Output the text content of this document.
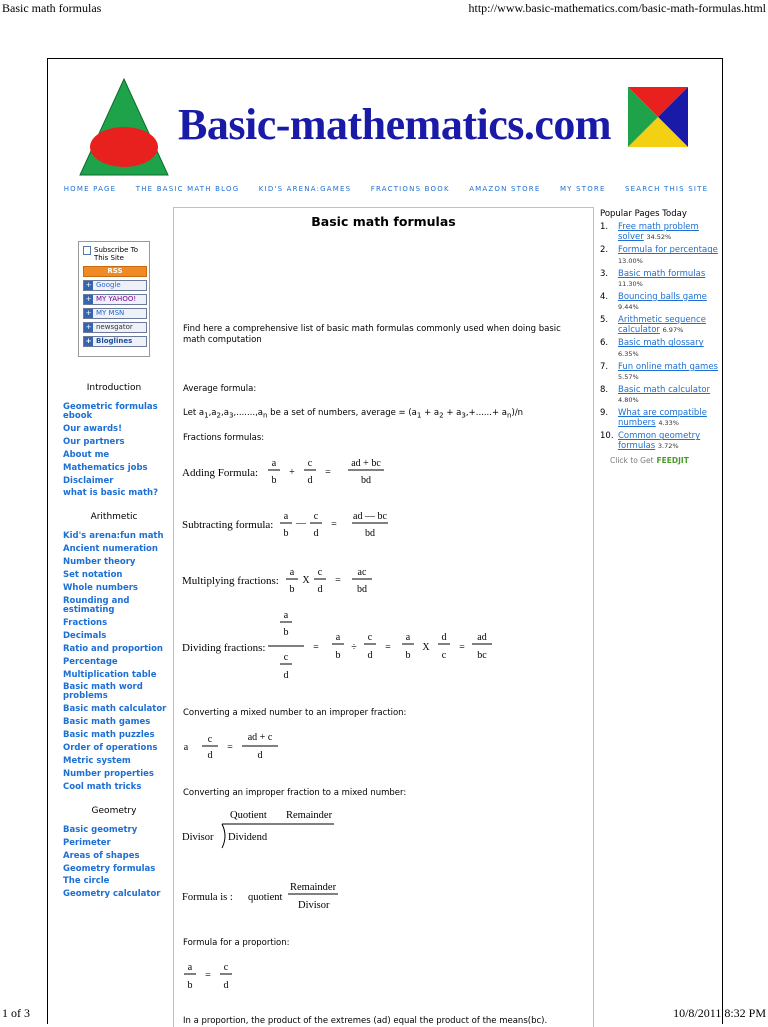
Basic math formulas	http://www.basic-mathematics.com/basic-math-formulas.html
Basic-mathematics.com
HOME PAGE	THE BASIC MATH BLOG	KID'S ARENA:GAMES	FRACTIONS BOOK	AMAZON STORE	MY STORE	SEARCH THIS SITE
Subscribe To This Site
RSS
+ Google
+ MY YAHOO!
+ MY MSN
+ newsgator
+ Bloglines
Introduction
Geometric formulas ebook
Our awards!
Our partners
About me
Mathematics jobs
Disclaimer
what is basic math?
Arithmetic
Kid's arena:fun math
Ancient numeration
Number theory
Set notation
Whole numbers
Rounding and estimating
Fractions
Decimals
Ratio and proportion
Percentage
Multiplication table
Basic math word problems
Basic math calculator
Basic math games
Basic math puzzles
Order of operations
Metric system
Number properties
Cool math tricks
Geometry
Basic geometry
Perimeter
Areas of shapes
Geometry formulas
The circle
Geometry calculator
Basic math formulas
Find here a comprehensive list of basic math formulas commonly used when doing basic math computation
Average formula:
Let $a_1,a_2,a_3,.......,a_n$ be a set of numbers, average = $(a_1 + a_2 + a_3,+......+ a_n)/n$
Fractions formulas:
Adding Formula:
a
b
+
c
d
=
ad + bc
bd
Subtracting formula:
a
b
—
c
d
=
ad — bc
bd
Multiplying fractions:
a
b
X
c
d
=
ac
bd
Dividing fractions:
a
b
c
d
=
a
b
÷
c
d
=
a
b
X
d
c
=
ad
bc
Converting a mixed number to an improper fraction:
a
c
d
=
ad + c
d
Converting an improper fraction to a mixed number:
Quotient Remainder
Divisor Dividend
Formula is : quotient
Remainder
Divisor
Formula for a proportion:
a
b
=
c
d
In a proportion, the product of the extremes (ad) equal the product of the means(bc).
Popular Pages Today
1.	Free math problem solver 34.52%
2.	Formula for percentage 13.00%
3.	Basic math formulas 11.30%
4.	Bouncing balls game 9.44%
5.	Arithmetic sequence calculator 6.97%
6.	Basic math glossary 6.35%
7.	Fun online math games 5.57%
8.	Basic math calculator 4.80%
9.	What are compatible numbers 4.33%
10. Common geometry formulas 3.72%
Click to Get FEEDJIT
1 of 3	10/8/2011 8:32 PM
